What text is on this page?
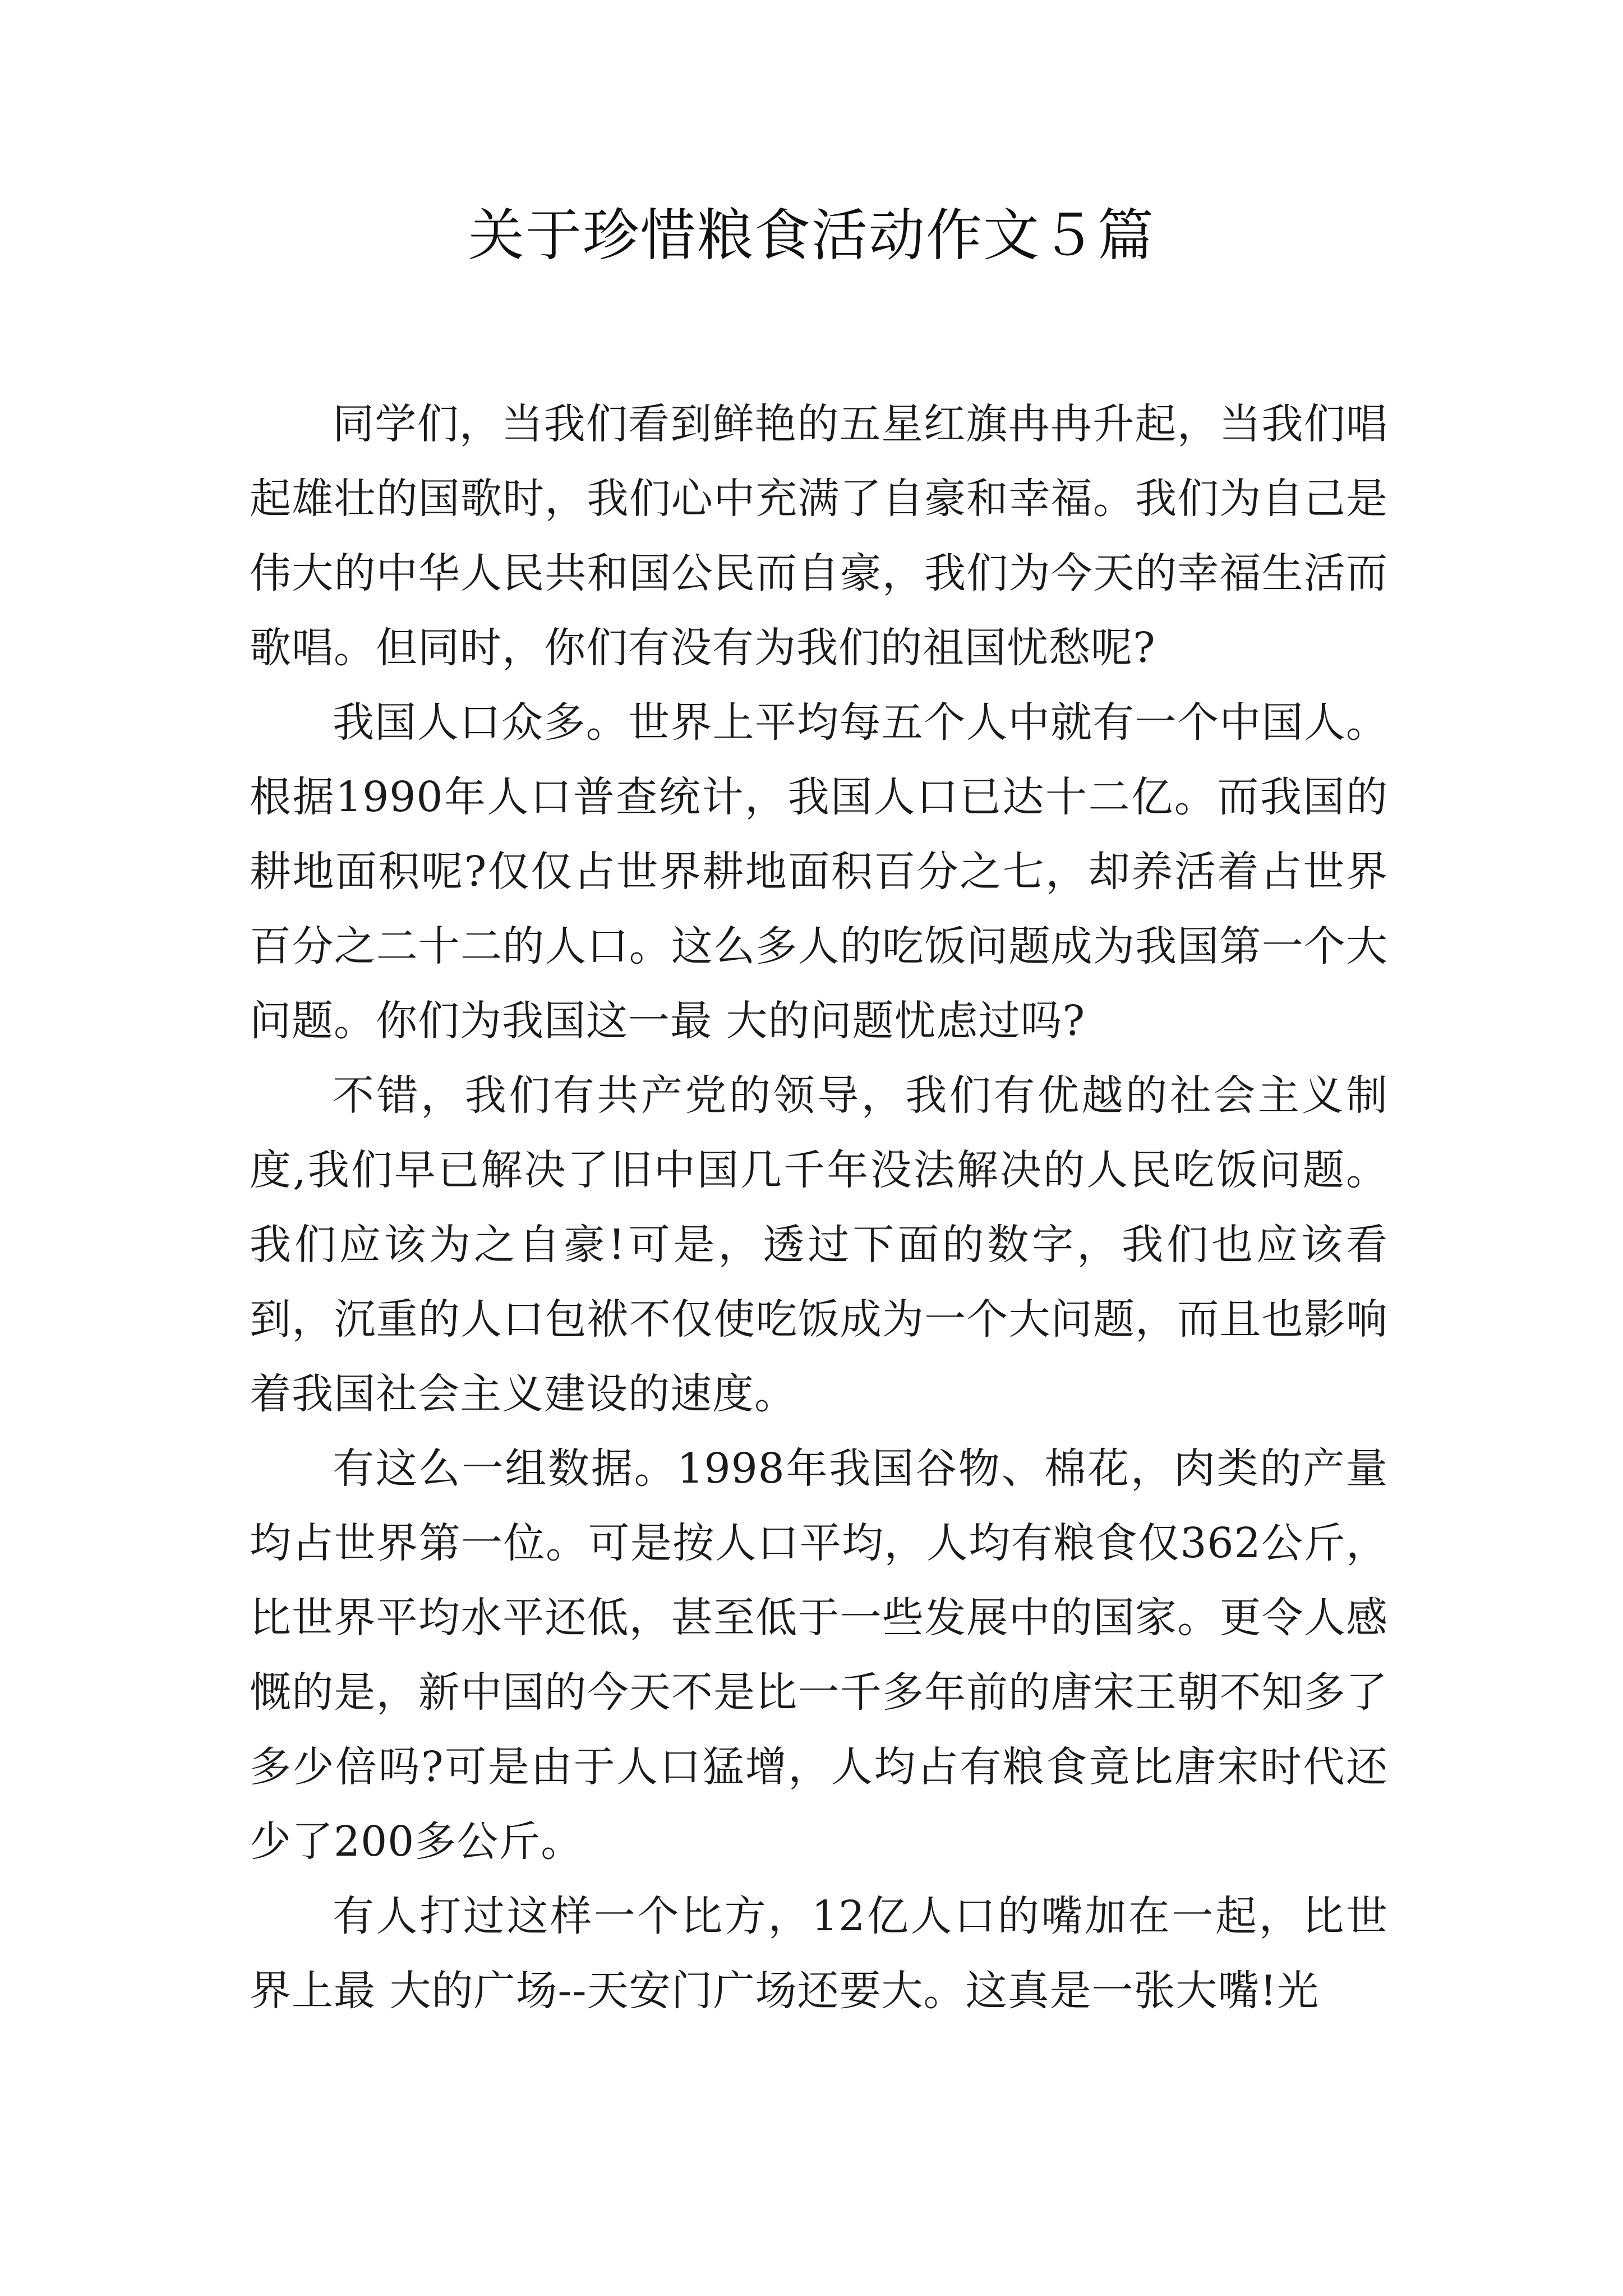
关于珍惜粮食活动作文５篇

同学们，当我们看到鲜艳的五星红旗冉冉升起，当我们唱起雄壮的国歌时，我们心中充满了自豪和幸福。我们为自己是伟大的中华人民共和国公民而自豪，我们为今天的幸福生活而歌唱。但同时，你们有没有为我们的祖国忧愁呢?

我国人口众多。世界上平均每五个人中就有一个中国人。根据1990年人口普查统计，我国人口已达十二亿。而我国的耕地面积呢?仅仅占世界耕地面积百分之七，却养活着占世界百分之二十二的人口。这么多人的吃饭问题成为我国第一个大问题。你们为我国这一最 大的问题忧虑过吗?

不错，我们有共产党的领导，我们有优越的社会主义制度,我们早已解决了旧中国几千年没法解决的人民吃饭问题。我们应该为之自豪!可是，透过下面的数字，我们也应该看到，沉重的人口包袱不仅使吃饭成为一个大问题，而且也影响着我国社会主义建设的速度。

有这么一组数据。1998年我国谷物、棉花，肉类的产量均占世界第一位。可是按人口平均，人均有粮食仅362公斤，比世界平均水平还低，甚至低于一些发展中的国家。更令人感慨的是，新中国的今天不是比一千多年前的唐宋王朝不知多了多少倍吗?可是由于人口猛增，人均占有粮食竟比唐宋时代还少了200多公斤。

有人打过这样一个比方，12亿人口的嘴加在一起，比世界上最 大的广场--天安门广场还要大。这真是一张大嘴!光
